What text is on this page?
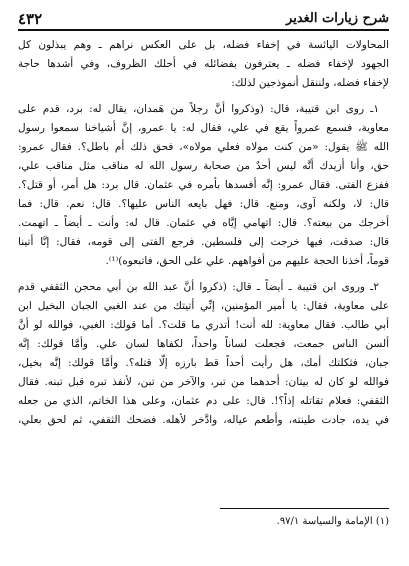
شرح زيارات الغدير
٤٣٢
المحاولات اليائسة في إخفاء فضله، بل على العكس نراهم ـ وهم يبذلون كل
الجهود لإخفاء فضله ـ يعترفون بفضائله في أحلك الظروف، وفي أشدها حاجة
لإخفاء فضله، ولننقل أنموذجين لذلك:
١ـ روى ابن قتيبة، قال: (وذكروا أنَّ رجلاً من هَمدان، يقال له: برد، قدم على
معاوية، فسمع عمرواً يقع في علي، فقال له: يا عمرو، إنَّ أشياخنا سمعوا رسول
الله ﷺ يقول: «من كنت مولاه فعلي مولاه»، فحق ذلك أم باطل؟. فقال عمرو:
حق، وأنا أزيدك أنَّه ليس أحدٌ من صحابة رسول الله له مناقب مثل مناقب علي،
ففزع الفتى. فقال عمرو: إنَّه أفسدها بأمره في عثمان. قال برد: هل أمر، أو قتل؟.
قال: لا، ولكنه آوى، ومنع. قال: فهل بايعه الناس عليها؟. قال: نعم. قال: فما
أخرجك من بيعته؟. قال: اتهامي إيَّاه في عثمان. قال له: وأنت ـ أيضاً ـ اتهمت.
قال: صدقت، فيها خرجت إلى فلسطين. فرجع الفتى إلى قومه، فقال: إنَّا أتينا
قوماً، أخذنا الحجة عليهم من أفواههم. علي على الحق، فاتبعوه)⁽¹⁾.
٢ـ وروى ابن قتيبة ـ أيضاً ـ قال: (ذكروا أنَّ عبد الله بن أبي محجن الثقفي قدم
على معاوية، فقال: يا أمير المؤمنين، إنِّي أتيتك من عند الغبي الجبان البخيل ابن
أبي طالب. فقال معاوية: لله أنت! أتدري ما قلت؟. أما قولك: الغبي، فوالله لو أنَّ
ألسن الناس جمعت، فجعلت لساناً واحداً، لكفاها لسان علي. وأمَّا قولك: إنَّه
جبان، فثكلتك أمك، هل رأيت أحداً قط بارزه إلَّا قتله؟. وأمَّا قولك: إنَّه بخيل،
فوالله لو كان له بيتان: أحدهما من تبر، والآخر من تبن، لأنفذ تبره قبل تبنه. فقال
الثقفي: فعلام تقاتله إذاً؟!. قال: على دم عثمان، وعلى هذا الخاتم، الذي من جعله
في يده، جادت طينته، وأطعم عياله، وادَّخر لأهله. فضحك الثقفي، ثم لحق بعلي،
(١) الإمامة والسياسة ٩٧/١.
